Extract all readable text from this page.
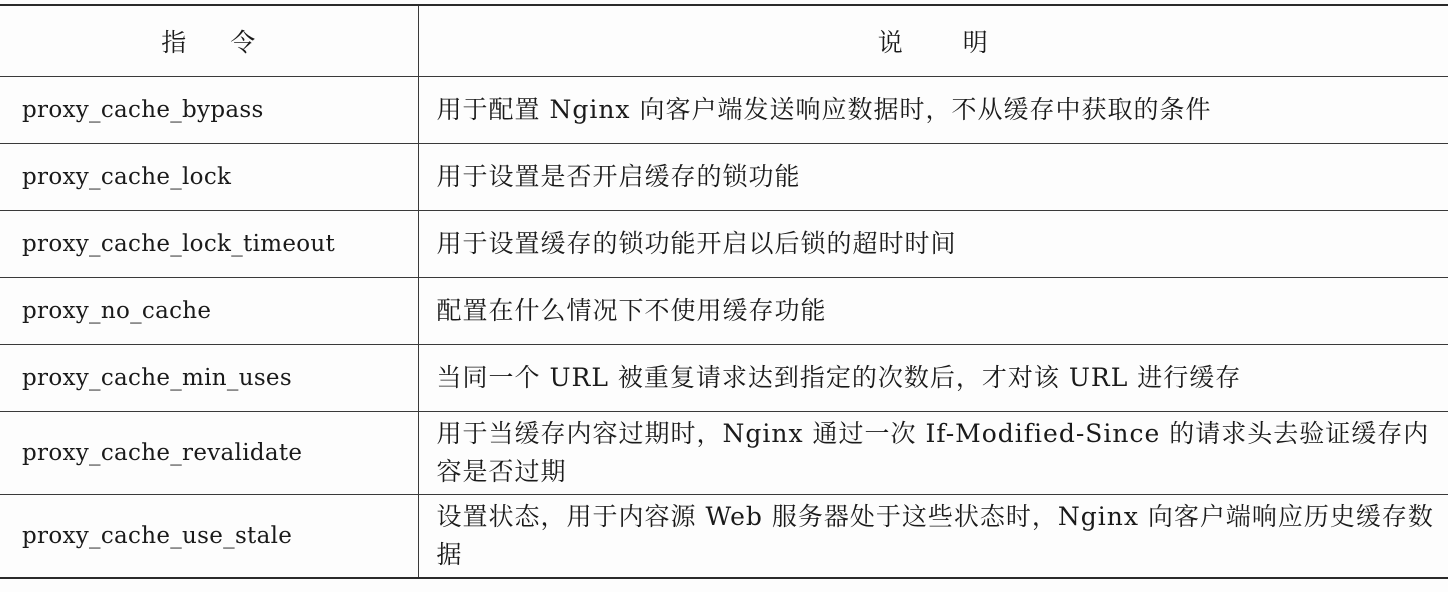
指令	说明
proxy_cache_bypass	用于配置 Nginx 向客户端发送响应数据时，不从缓存中获取的条件
proxy_cache_lock	用于设置是否开启缓存的锁功能
proxy_cache_lock_timeout	用于设置缓存的锁功能开启以后锁的超时时间
proxy_no_cache	配置在什么情况下不使用缓存功能
proxy_cache_min_uses	当同一个 URL 被重复请求达到指定的次数后，才对该 URL 进行缓存
proxy_cache_revalidate	用于当缓存内容过期时，Nginx 通过一次 If-Modified-Since 的请求头去验证缓存内容是否过期
proxy_cache_use_stale	设置状态，用于内容源 Web 服务器处于这些状态时，Nginx 向客户端响应历史缓存数据
